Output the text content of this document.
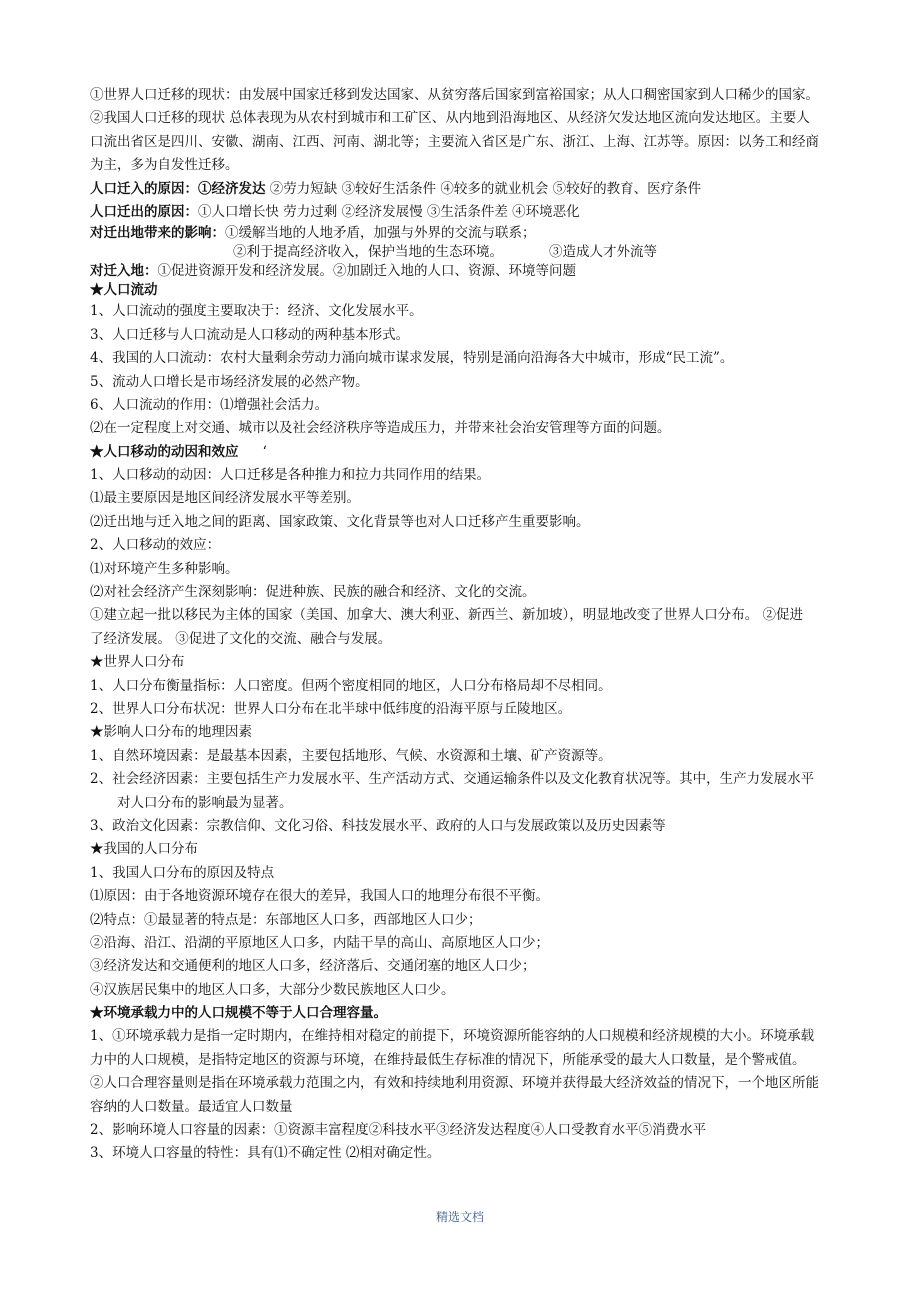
①世界人口迁移的现状：由发展中国家迁移到发达国家、从贫穷落后国家到富裕国家；从人口稠密国家到人口稀少的国家。
②我国人口迁移的现状 总体表现为从农村到城市和工矿区、从内地到沿海地区、从经济欠发达地区流向发达地区。主要人
口流出省区是四川、安徽、湖南、江西、河南、湖北等；主要流入省区是广东、浙江、上海、江苏等。原因：以务工和经商
为主，多为自发性迁移。
人口迁入的原因：①经济发达 ②劳力短缺 ③较好生活条件 ④较多的就业机会 ⑤较好的教育、医疗条件
人口迁出的原因：①人口增长快 劳力过剩 ②经济发展慢 ③生活条件差 ④环境恶化
对迁出地带来的影响：①缓解当地的人地矛盾，加强与外界的交流与联系；
②利于提高经济收入，保护当地的生态环境。	③造成人才外流等
对迁入地：①促进资源开发和经济发展。②加剧迁入地的人口、资源、环境等问题
★人口流动
1、人口流动的强度主要取决于：经济、文化发展水平。
3、人口迁移与人口流动是人口移动的两种基本形式。
4、我国的人口流动：农村大量剩余劳动力涌向城市谋求发展，特别是涌向沿海各大中城市，形成“民工流”。
5、流动人口增长是市场经济发展的必然产物。
6、人口流动的作用：⑴增强社会活力。
⑵在一定程度上对交通、城市以及社会经济秩序等造成压力，并带来社会治安管理等方面的问题。
★人口移动的动因和效应 ‘
1、人口移动的动因：人口迁移是各种推力和拉力共同作用的结果。
⑴最主要原因是地区间经济发展水平等差别。
⑵迁出地与迁入地之间的距离、国家政策、文化背景等也对人口迁移产生重要影响。
2、人口移动的效应：
⑴对环境产生多种影响。
⑵对社会经济产生深刻影响：促进种族、民族的融合和经济、文化的交流。
①建立起一批以移民为主体的国家（美国、加拿大、澳大利亚、新西兰、新加坡），明显地改变了世界人口分布。 ②促进
了经济发展。 ③促进了文化的交流、融合与发展。
★世界人口分布
1、人口分布衡量指标：人口密度。但两个密度相同的地区，人口分布格局却不尽相同。
2、世界人口分布状况：世界人口分布在北半球中低纬度的沿海平原与丘陵地区。
★影响人口分布的地理因素
1、自然环境因素：是最基本因素，主要包括地形、气候、水资源和土壤、矿产资源等。
2、社会经济因素：主要包括生产力发展水平、生产活动方式、交通运输条件以及文化教育状况等。其中，生产力发展水平
对人口分布的影响最为显著。
3、政治文化因素：宗教信仰、文化习俗、科技发展水平、政府的人口与发展政策以及历史因素等
★我国的人口分布
1、我国人口分布的原因及特点
⑴原因：由于各地资源环境存在很大的差异，我国人口的地理分布很不平衡。
⑵特点：①最显著的特点是：东部地区人口多，西部地区人口少；
②沿海、沿江、沿湖的平原地区人口多，内陆干旱的高山、高原地区人口少；
③经济发达和交通便利的地区人口多，经济落后、交通闭塞的地区人口少；
④汉族居民集中的地区人口多，大部分少数民族地区人口少。
★环境承载力中的人口规模不等于人口合理容量。
1、①环境承载力是指一定时期内，在维持相对稳定的前提下，环境资源所能容纳的人口规模和经济规模的大小。环境承载
力中的人口规模，是指特定地区的资源与环境，在维持最低生存标准的情况下，所能承受的最大人口数量，是个警戒值。
②人口合理容量则是指在环境承载力范围之内，有效和持续地利用资源、环境并获得最大经济效益的情况下，一个地区所能
容纳的人口数量。最适宜人口数量
2、影响环境人口容量的因素：①资源丰富程度②科技水平③经济发达程度④人口受教育水平⑤消费水平
3、环境人口容量的特性：具有⑴不确定性 ⑵相对确定性。
精选文档
